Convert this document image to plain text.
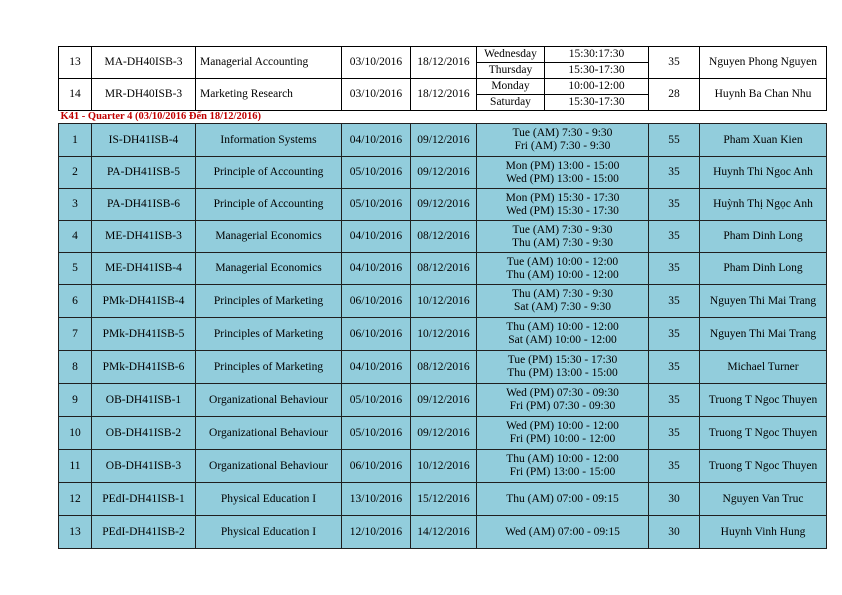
13	MA-DH40ISB-3	Managerial Accounting	03/10/2016	18/12/2016	Wednesday 15:30:17:30
Thursday 15:30-17:30	35	Nguyen Phong Nguyen
14	MR-DH40ISB-3	Marketing Research	03/10/2016	18/12/2016	Monday 10:00-12:00
Saturday 15:30-17:30	28	Huynh Ba Chan Nhu
K41 - Quarter 4 (03/10/2016 Đến 18/12/2016)							
1	IS-DH41ISB-4	Information Systems	04/10/2016	09/12/2016	Tue (AM) 7:30 - 9:30
Fri (AM) 7:30 - 9:30	55	Pham Xuan Kien
2	PA-DH41ISB-5	Principle of Accounting	05/10/2016	09/12/2016	Mon (PM) 13:00 - 15:00
Wed (PM) 13:00 - 15:00	35	Huynh Thi Ngoc Anh
3	PA-DH41ISB-6	Principle of Accounting	05/10/2016	09/12/2016	Mon (PM) 15:30 - 17:30
Wed (PM) 15:30 - 17:30	35	Huỳnh Thị Ngọc Anh
4	ME-DH41ISB-3	Managerial Economics	04/10/2016	08/12/2016	Tue (AM) 7:30 - 9:30
Thu (AM) 7:30 - 9:30	35	Pham Dinh Long
5	ME-DH41ISB-4	Managerial Economics	04/10/2016	08/12/2016	Tue (AM) 10:00 - 12:00
Thu (AM) 10:00 - 12:00	35	Pham Dinh Long
6	PMk-DH41ISB-4	Principles of Marketing	06/10/2016	10/12/2016	Thu (AM) 7:30 - 9:30
Sat (AM) 7:30 - 9:30	35	Nguyen Thi Mai Trang
7	PMk-DH41ISB-5	Principles of Marketing	06/10/2016	10/12/2016	Thu (AM) 10:00 - 12:00
Sat (AM) 10:00 - 12:00	35	Nguyen Thi Mai Trang
8	PMk-DH41ISB-6	Principles of Marketing	04/10/2016	08/12/2016	Tue (PM) 15:30 - 17:30
Thu (PM) 13:00 - 15:00	35	Michael Turner
9	OB-DH41ISB-1	Organizational Behaviour	05/10/2016	09/12/2016	Wed (PM) 07:30 - 09:30
Fri (PM) 07:30 - 09:30	35	Truong T Ngoc Thuyen
10	OB-DH41ISB-2	Organizational Behaviour	05/10/2016	09/12/2016	Wed (PM) 10:00 - 12:00
Fri (PM) 10:00 - 12:00	35	Truong T Ngoc Thuyen
11	OB-DH41ISB-3	Organizational Behaviour	06/10/2016	10/12/2016	Thu (AM) 10:00 - 12:00
Fri (PM) 13:00 - 15:00	35	Truong T Ngoc Thuyen
12	PEdI-DH41ISB-1	Physical Education I	13/10/2016	15/12/2016	Thu (AM) 07:00 - 09:15	30	Nguyen Van Truc
13	PEdI-DH41ISB-2	Physical Education I	12/10/2016	14/12/2016	Wed (AM) 07:00 - 09:15	30	Huynh Vinh Hung
